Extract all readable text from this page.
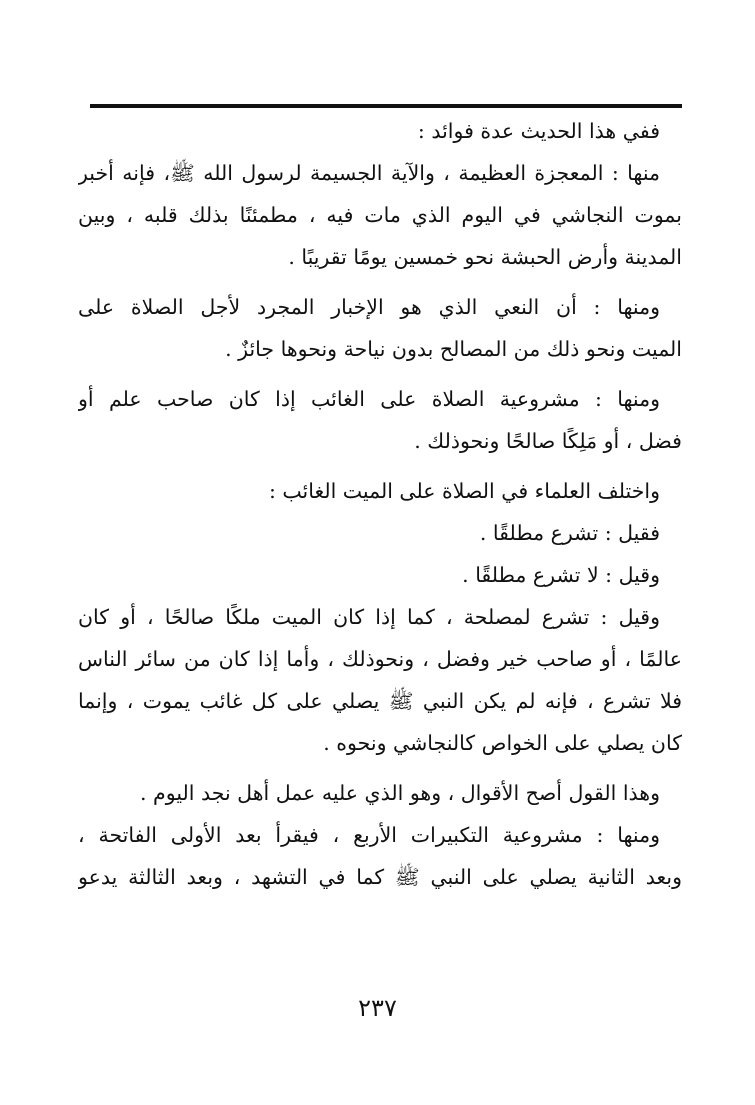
ففي هذا الحديث عدة فوائد :
منها : المعجزة العظيمة ، والآية الجسيمة لرسول الله ﷺ، فإنه أخبر
بموت النجاشي في اليوم الذي مات فيه ، مطمئنًا بذلك قلبه ، وبين
المدينة وأرض الحبشة نحو خمسين يومًا تقريبًا .
ومنها : أن النعي الذي هو الإخبار المجرد لأجل الصلاة على
الميت ونحو ذلك من المصالح بدون نياحة ونحوها جائزٌ .
ومنها : مشروعية الصلاة على الغائب إذا كان صاحب علم أو
فضل ، أو مَلِكًا صالحًا ونحوذلك .
واختلف العلماء في الصلاة على الميت الغائب :
فقيل : تشرع مطلقًا .
وقيل : لا تشرع مطلقًا .
وقيل : تشرع لمصلحة ، كما إذا كان الميت ملكًا صالحًا ، أو كان
عالمًا ، أو صاحب خير وفضل ، ونحوذلك ، وأما إذا كان من سائر الناس
فلا تشرع ، فإنه لم يكن النبي ﷺ يصلي على كل غائب يموت ، وإنما
كان يصلي على الخواص كالنجاشي ونحوه .
وهذا القول أصح الأقوال ، وهو الذي عليه عمل أهل نجد اليوم .
ومنها : مشروعية التكبيرات الأربع ، فيقرأ بعد الأولى الفاتحة ،
وبعد الثانية يصلي على النبي ﷺ كما في التشهد ، وبعد الثالثة يدعو
٢٣٧
